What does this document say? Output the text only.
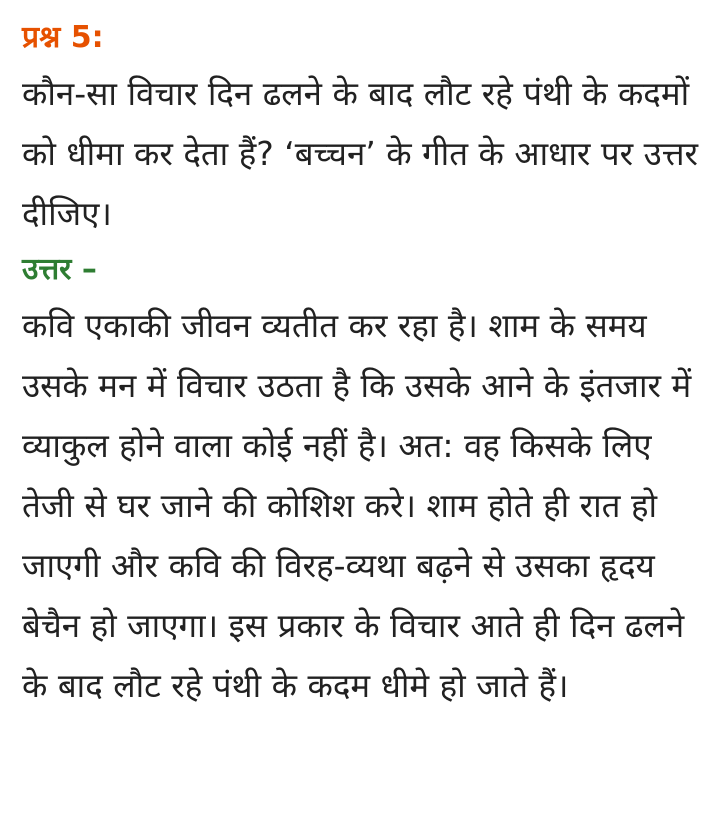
प्रश्न 5:

कौन-सा विचार दिन ढलने के बाद लौट रहे पंथी के कदमों को धीमा कर देता हैं? ‘बच्चन’ के गीत के आधार पर उत्तर दीजिए।

उत्तर –

कवि एकाकी जीवन व्यतीत कर रहा है। शाम के समय उसके मन में विचार उठता है कि उसके आने के इंतजार में व्याकुल होने वाला कोई नहीं है। अत: वह किसके लिए तेजी से घर जाने की कोशिश करे। शाम होते ही रात हो जाएगी और कवि की विरह-व्यथा बढ़ने से उसका हृदय बेचैन हो जाएगा। इस प्रकार के विचार आते ही दिन ढलने के बाद लौट रहे पंथी के कदम धीमे हो जाते हैं।
